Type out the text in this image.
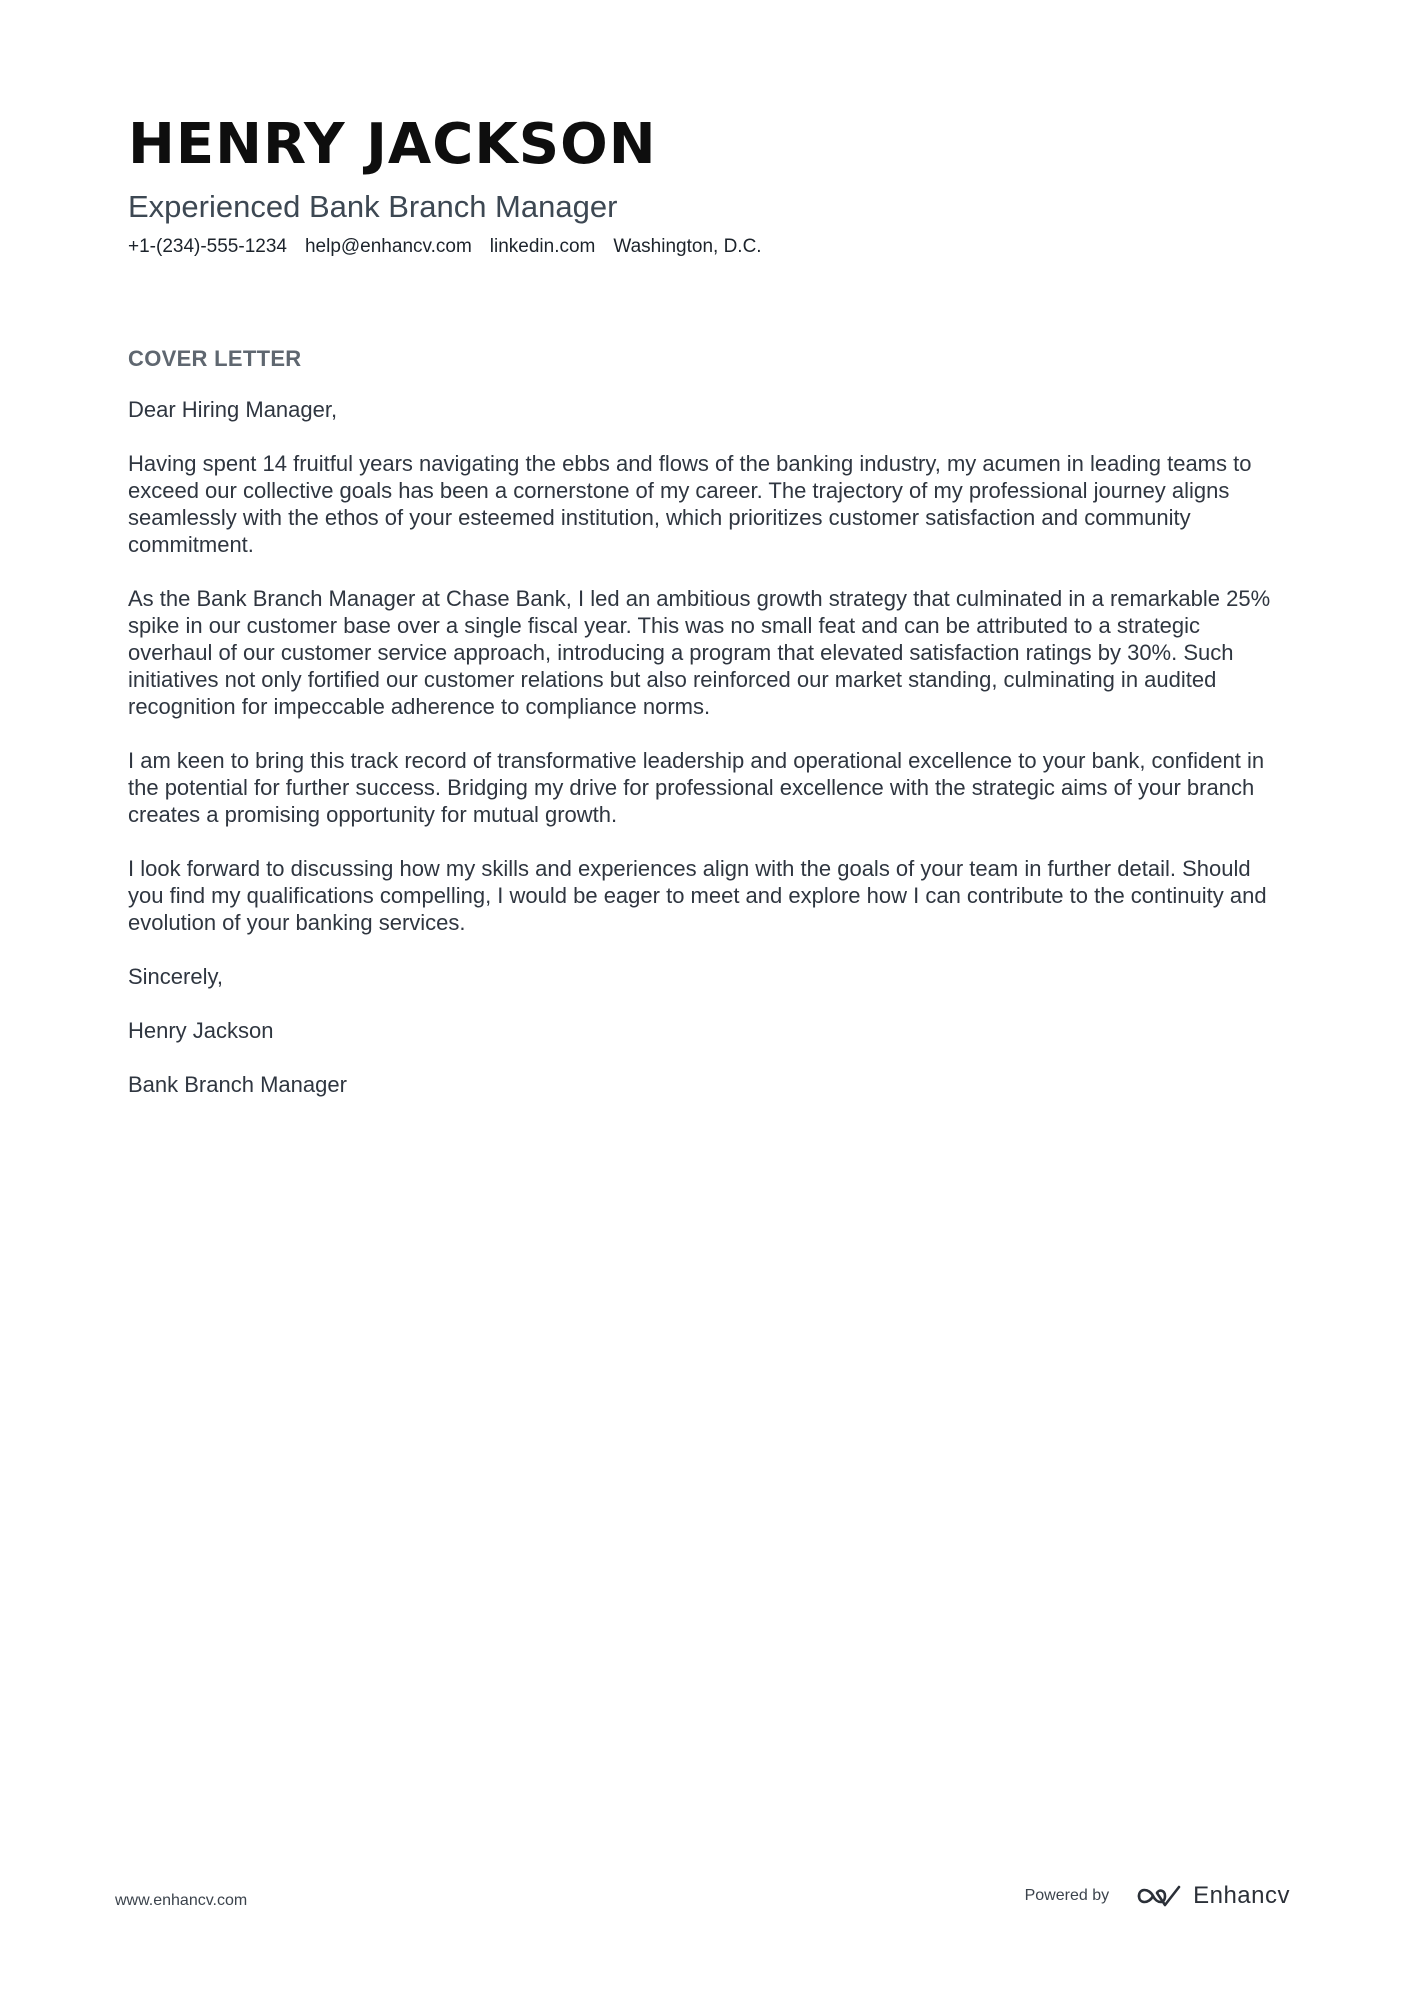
HENRY JACKSON
Experienced Bank Branch Manager
+1-(234)-555-1234 help@enhancv.com linkedin.com Washington, D.C.
COVER LETTER

Dear Hiring Manager,

Having spent 14 fruitful years navigating the ebbs and flows of the banking industry, my acumen in leading teams to exceed our collective goals has been a cornerstone of my career. The trajectory of my professional journey aligns seamlessly with the ethos of your esteemed institution, which prioritizes customer satisfaction and community commitment.

As the Bank Branch Manager at Chase Bank, I led an ambitious growth strategy that culminated in a remarkable 25% spike in our customer base over a single fiscal year. This was no small feat and can be attributed to a strategic overhaul of our customer service approach, introducing a program that elevated satisfaction ratings by 30%. Such initiatives not only fortified our customer relations but also reinforced our market standing, culminating in audited recognition for impeccable adherence to compliance norms.

I am keen to bring this track record of transformative leadership and operational excellence to your bank, confident in the potential for further success. Bridging my drive for professional excellence with the strategic aims of your branch creates a promising opportunity for mutual growth.

I look forward to discussing how my skills and experiences align with the goals of your team in further detail. Should you find my qualifications compelling, I would be eager to meet and explore how I can contribute to the continuity and evolution of your banking services.

Sincerely,

Henry Jackson

Bank Branch Manager

www.enhancv.com	Powered by	Enhancv
